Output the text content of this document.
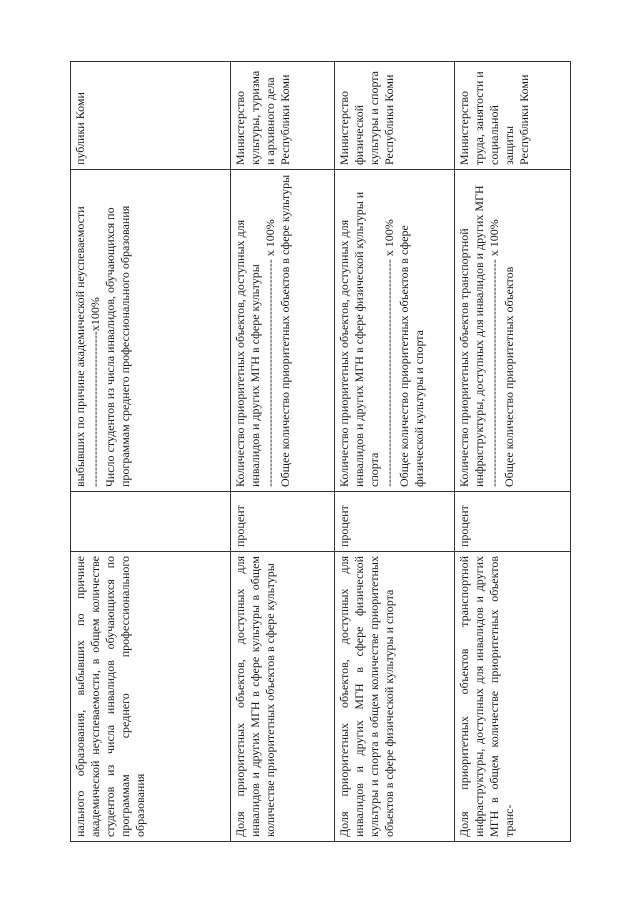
нального образования, выбывших по причине академической неуспеваемости, в общем количестве студентов из числа инвалидов обучающихся по программам среднего профессионального образования		выбывших по причине академической неуспеваемости ---------------------------------------x100% Число студентов из числа инвалидов, обучающихся по программам среднего профессионального образования	публики Коми
Доля приоритетных объектов, доступных для инвалидов и других МГН в сфере культуры в общем количестве приоритетных объектов в сфере культуры	процент	Количество приоритетных объектов, доступных для инвалидов и других МГН в сфере культуры --------------------------------------------------------- x 100% Общее количество приоритетных объектов в сфере культуры	Министерство культуры, туризма и архивного дела Республики Коми
Доля приоритетных объектов, доступных для инвалидов и других МГН в сфере физической культуры и спорта в общем количестве приоритетных объектов в сфере физической культуры и спорта	процент	Количество приоритетных объектов, доступных для инвалидов и других МГН в сфере физической культуры и спорта --------------------------------------------------------- x 100% Общее количество приоритетных объектов в сфере физической культуры и спорта	Министерство физической культуры и спорта Республики Коми
Доля приоритетных объектов транспортной инфраструктуры, доступных для инвалидов и других МГН в общем количестве приоритетных объектов транс-	процент	Количество приоритетных объектов транспортной инфраструктуры, доступных для инвалидов и других МГН --------------------------------------------------------- x 100% Общее количество приоритетных объектов	Министерство труда, занятости и социальной защиты Республики Коми
